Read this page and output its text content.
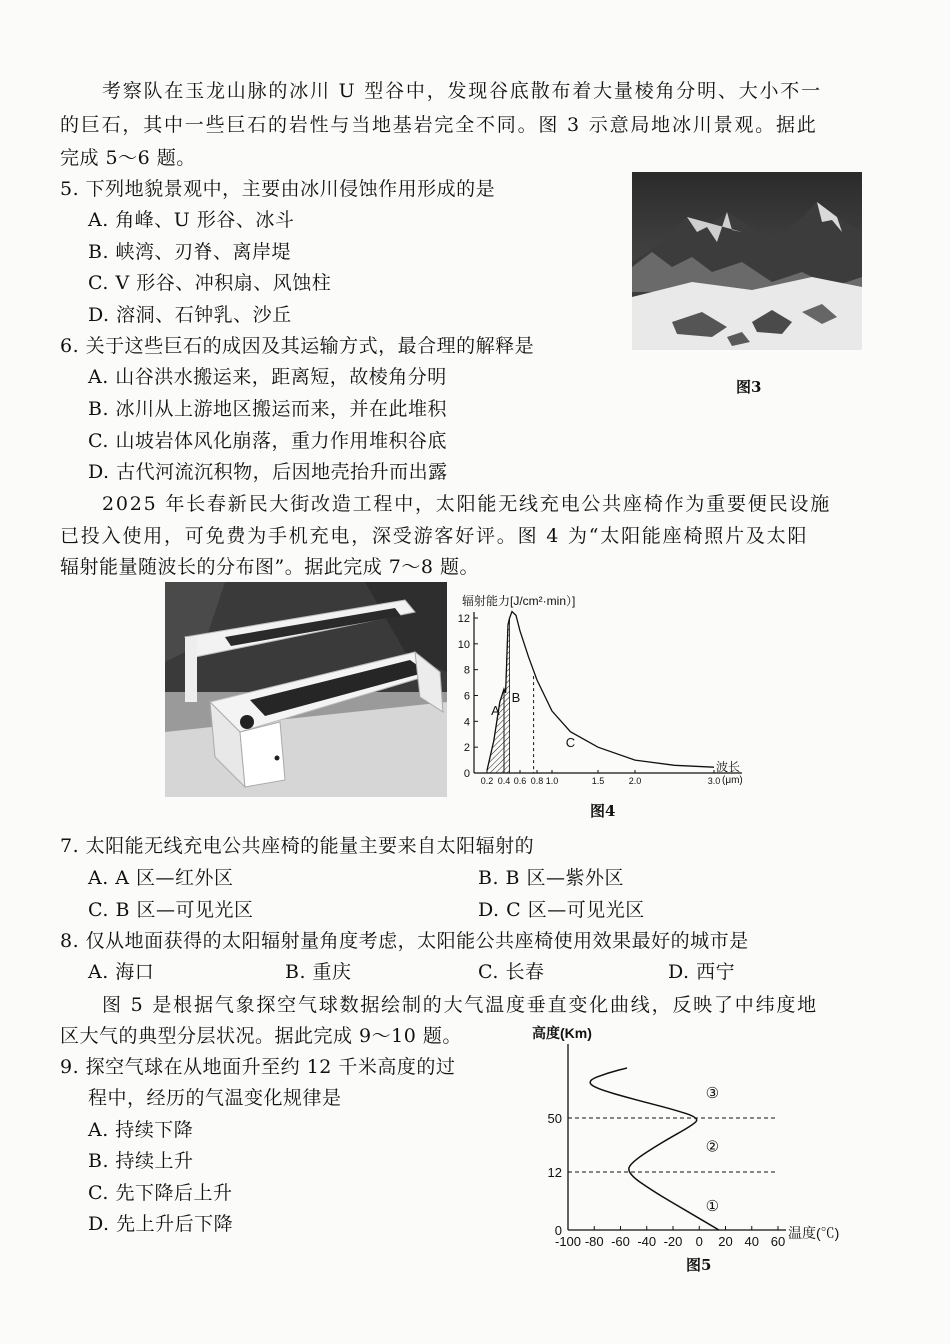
考察队在玉龙山脉的冰川 U 型谷中，发现谷底散布着大量棱角分明、大小不一
的巨石，其中一些巨石的岩性与当地基岩完全不同。图 3 示意局地冰川景观。据此
完成 5～6 题。
5. 下列地貌景观中，主要由冰川侵蚀作用形成的是
A. 角峰、U 形谷、冰斗
B. 峡湾、刃脊、离岸堤
C. V 形谷、冲积扇、风蚀柱
D. 溶洞、石钟乳、沙丘
图3
6. 关于这些巨石的成因及其运输方式，最合理的解释是
A. 山谷洪水搬运来，距离短，故棱角分明
B. 冰川从上游地区搬运而来，并在此堆积
C. 山坡岩体风化崩落，重力作用堆积谷底
D. 古代河流沉积物，后因地壳抬升而出露
2025 年长春新民大街改造工程中，太阳能无线充电公共座椅作为重要便民设施
已投入使用，可免费为手机充电，深受游客好评。图 4 为“太阳能座椅照片及太阳
辐射能量随波长的分布图”。据此完成 7～8 题。
辐射能力[J/cm²·min）]
波长
(μm)
0
2
4
6
8
10
12
0.2 0.4 0.6 0.8 1.0	1.5	2.0	3.0
A
B
C
图4
7. 太阳能无线充电公共座椅的能量主要来自太阳辐射的
A. A 区—红外区	B. B 区—紫外区
C. B 区—可见光区	D. C 区—可见光区
8. 仅从地面获得的太阳辐射量角度考虑，太阳能公共座椅使用效果最好的城市是
A. 海口	B. 重庆	C. 长春	D. 西宁
图 5 是根据气象探空气球数据绘制的大气温度垂直变化曲线，反映了中纬度地
区大气的典型分层状况。据此完成 9～10 题。
9. 探空气球在从地面升至约 12 千米高度的过
程中，经历的气温变化规律是
A. 持续下降
B. 持续上升
C. 先下降后上升
D. 先上升后下降
高度(Km)
温度(℃)
-100 -80 -60 -40 -20 0 20 40 60
0
12
50
①
②
③
图5
